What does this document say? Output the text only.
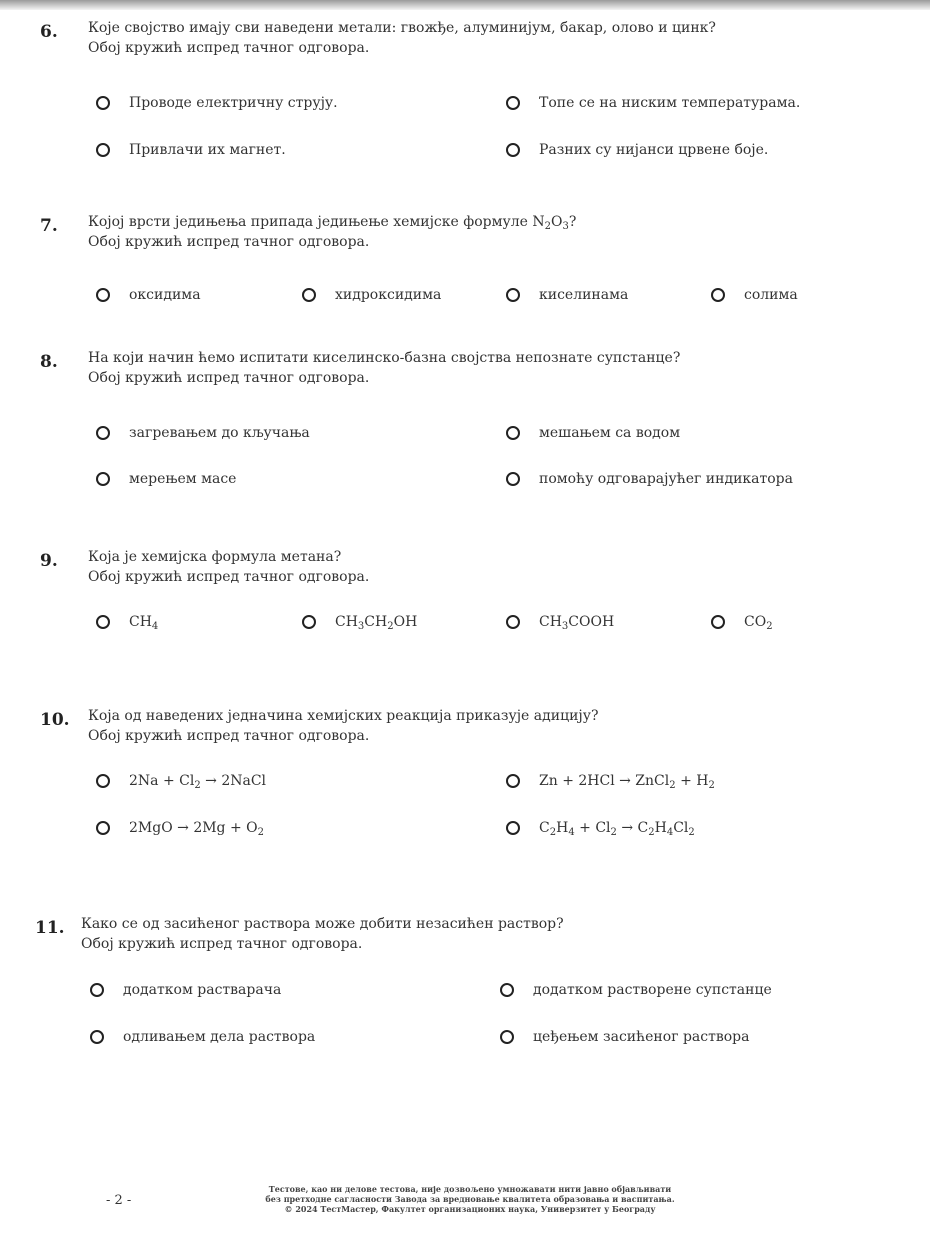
6. Које својство имају сви наведени метали: гвожђе, алуминијум, бакар, олово и цинк?
Обој кружић испред тачног одговора.
Проводе електричну струју.	Топе се на ниским температурама.
Привлачи их магнет.	Разних су нијанси црвене боје.
7. Којој врсти једињења припада једињење хемијске формуле $N_2O_3$?
Обој кружић испред тачног одговора.
оксидима	хидроксидима	киселинама	солима
8. На који начин ћемо испитати киселинско-базна својства непознате супстанце?
Обој кружић испред тачног одговора.
загревањем до кључања	мешањем са водом
мерењем масе	помоћу одговарајућег индикатора
9. Која је хемијска формула метана?
Обој кружић испред тачног одговора.
$CH_4$	$CH_3CH_2OH$	$CH_3COOH$	$CO_2$
10. Која од наведених једначина хемијских реакција приказује адицију?
Обој кружић испред тачног одговора.
$2Na + Cl_2$ → 2NaCl	Zn + 2HCl → ZnCl$_2$ + $H_2$
$2MgO \to 2Mg + O_2$	$C_2H_4 + Cl_2 \to C_2H_4Cl_2$
11. Како се од засићеног раствора може добити незасићен раствор?
Обој кружић испред тачног одговора.
додатком растварача	додатком растворене супстанце
одливањем дела раствора	цеђењем засићеног раствора
- 2 -
Тестове, као ни делове тестова, није дозвољено умножавати нити јавно објављивати
без претходне сагласности Завода за вредновање квалитета образовања и васпитања.
© 2024 ТестМастер, Факултет организационих наука, Универзитет у Београду
